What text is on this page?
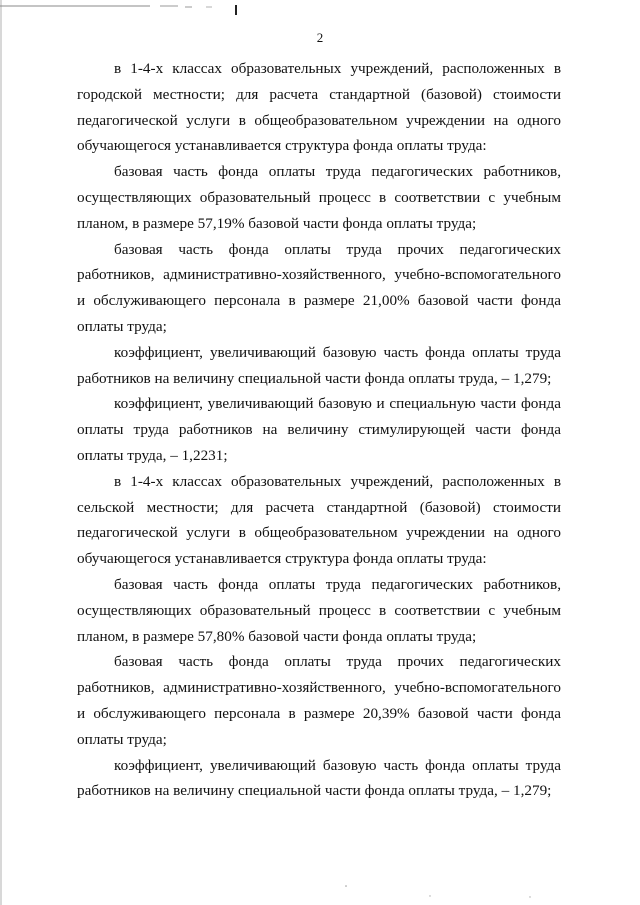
2

в 1-4-х классах образовательных учреждений, расположенных в городской местности; для расчета стандартной (базовой) стоимости педагогической услуги в общеобразовательном учреждении на одного обучающегося устанавливается структура фонда оплаты труда:

базовая часть фонда оплаты труда педагогических работников, осуществляющих образовательный процесс в соответствии с учебным планом, в размере 57,19% базовой части фонда оплаты труда;

базовая часть фонда оплаты труда прочих педагогических работников, административно-хозяйственного, учебно-вспомогательного и обслуживающего персонала в размере 21,00% базовой части фонда оплаты труда;

коэффициент, увеличивающий базовую часть фонда оплаты труда работников на величину специальной части фонда оплаты труда, – 1,279;

коэффициент, увеличивающий базовую и специальную части фонда оплаты труда работников на величину стимулирующей части фонда оплаты труда, – 1,2231;

в 1-4-х классах образовательных учреждений, расположенных в сельской местности; для расчета стандартной (базовой) стоимости педагогической услуги в общеобразовательном учреждении на одного обучающегося устанавливается структура фонда оплаты труда:

базовая часть фонда оплаты труда педагогических работников, осуществляющих образовательный процесс в соответствии с учебным планом, в размере 57,80% базовой части фонда оплаты труда;

базовая часть фонда оплаты труда прочих педагогических работников, административно-хозяйственного, учебно-вспомогательного и обслуживающего персонала в размере 20,39% базовой части фонда оплаты труда;

коэффициент, увеличивающий базовую часть фонда оплаты труда работников на величину специальной части фонда оплаты труда, – 1,279;
